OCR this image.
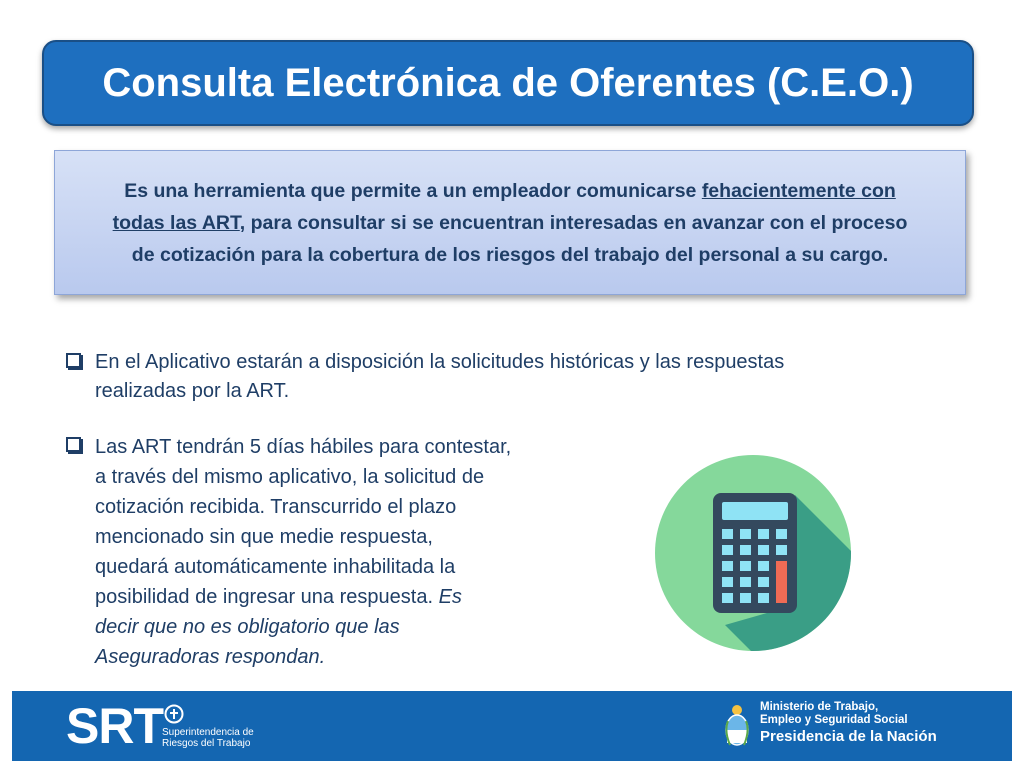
Consulta Electrónica de Oferentes (C.E.O.)

Es una herramienta que permite a un empleador comunicarse fehacientemente con
todas las ART, para consultar si se encuentran interesadas en avanzar con el proceso
de cotización para la cobertura de los riesgos del trabajo del personal a su cargo.

En el Aplicativo estarán a disposición la solicitudes históricas y las respuestas
realizadas por la ART.
Las ART tendrán 5 días hábiles para contestar,
a través del mismo aplicativo, la solicitud de
cotización recibida. Transcurrido el plazo
mencionado sin que medie respuesta,
quedará automáticamente inhabilitada la
posibilidad de ingresar una respuesta. Es
decir que no es obligatorio que las
Aseguradoras respondan.
SRT Superintendencia de
Riesgos del Trabajo
Ministerio de Trabajo,
Empleo y Seguridad Social
Presidencia de la Nación
